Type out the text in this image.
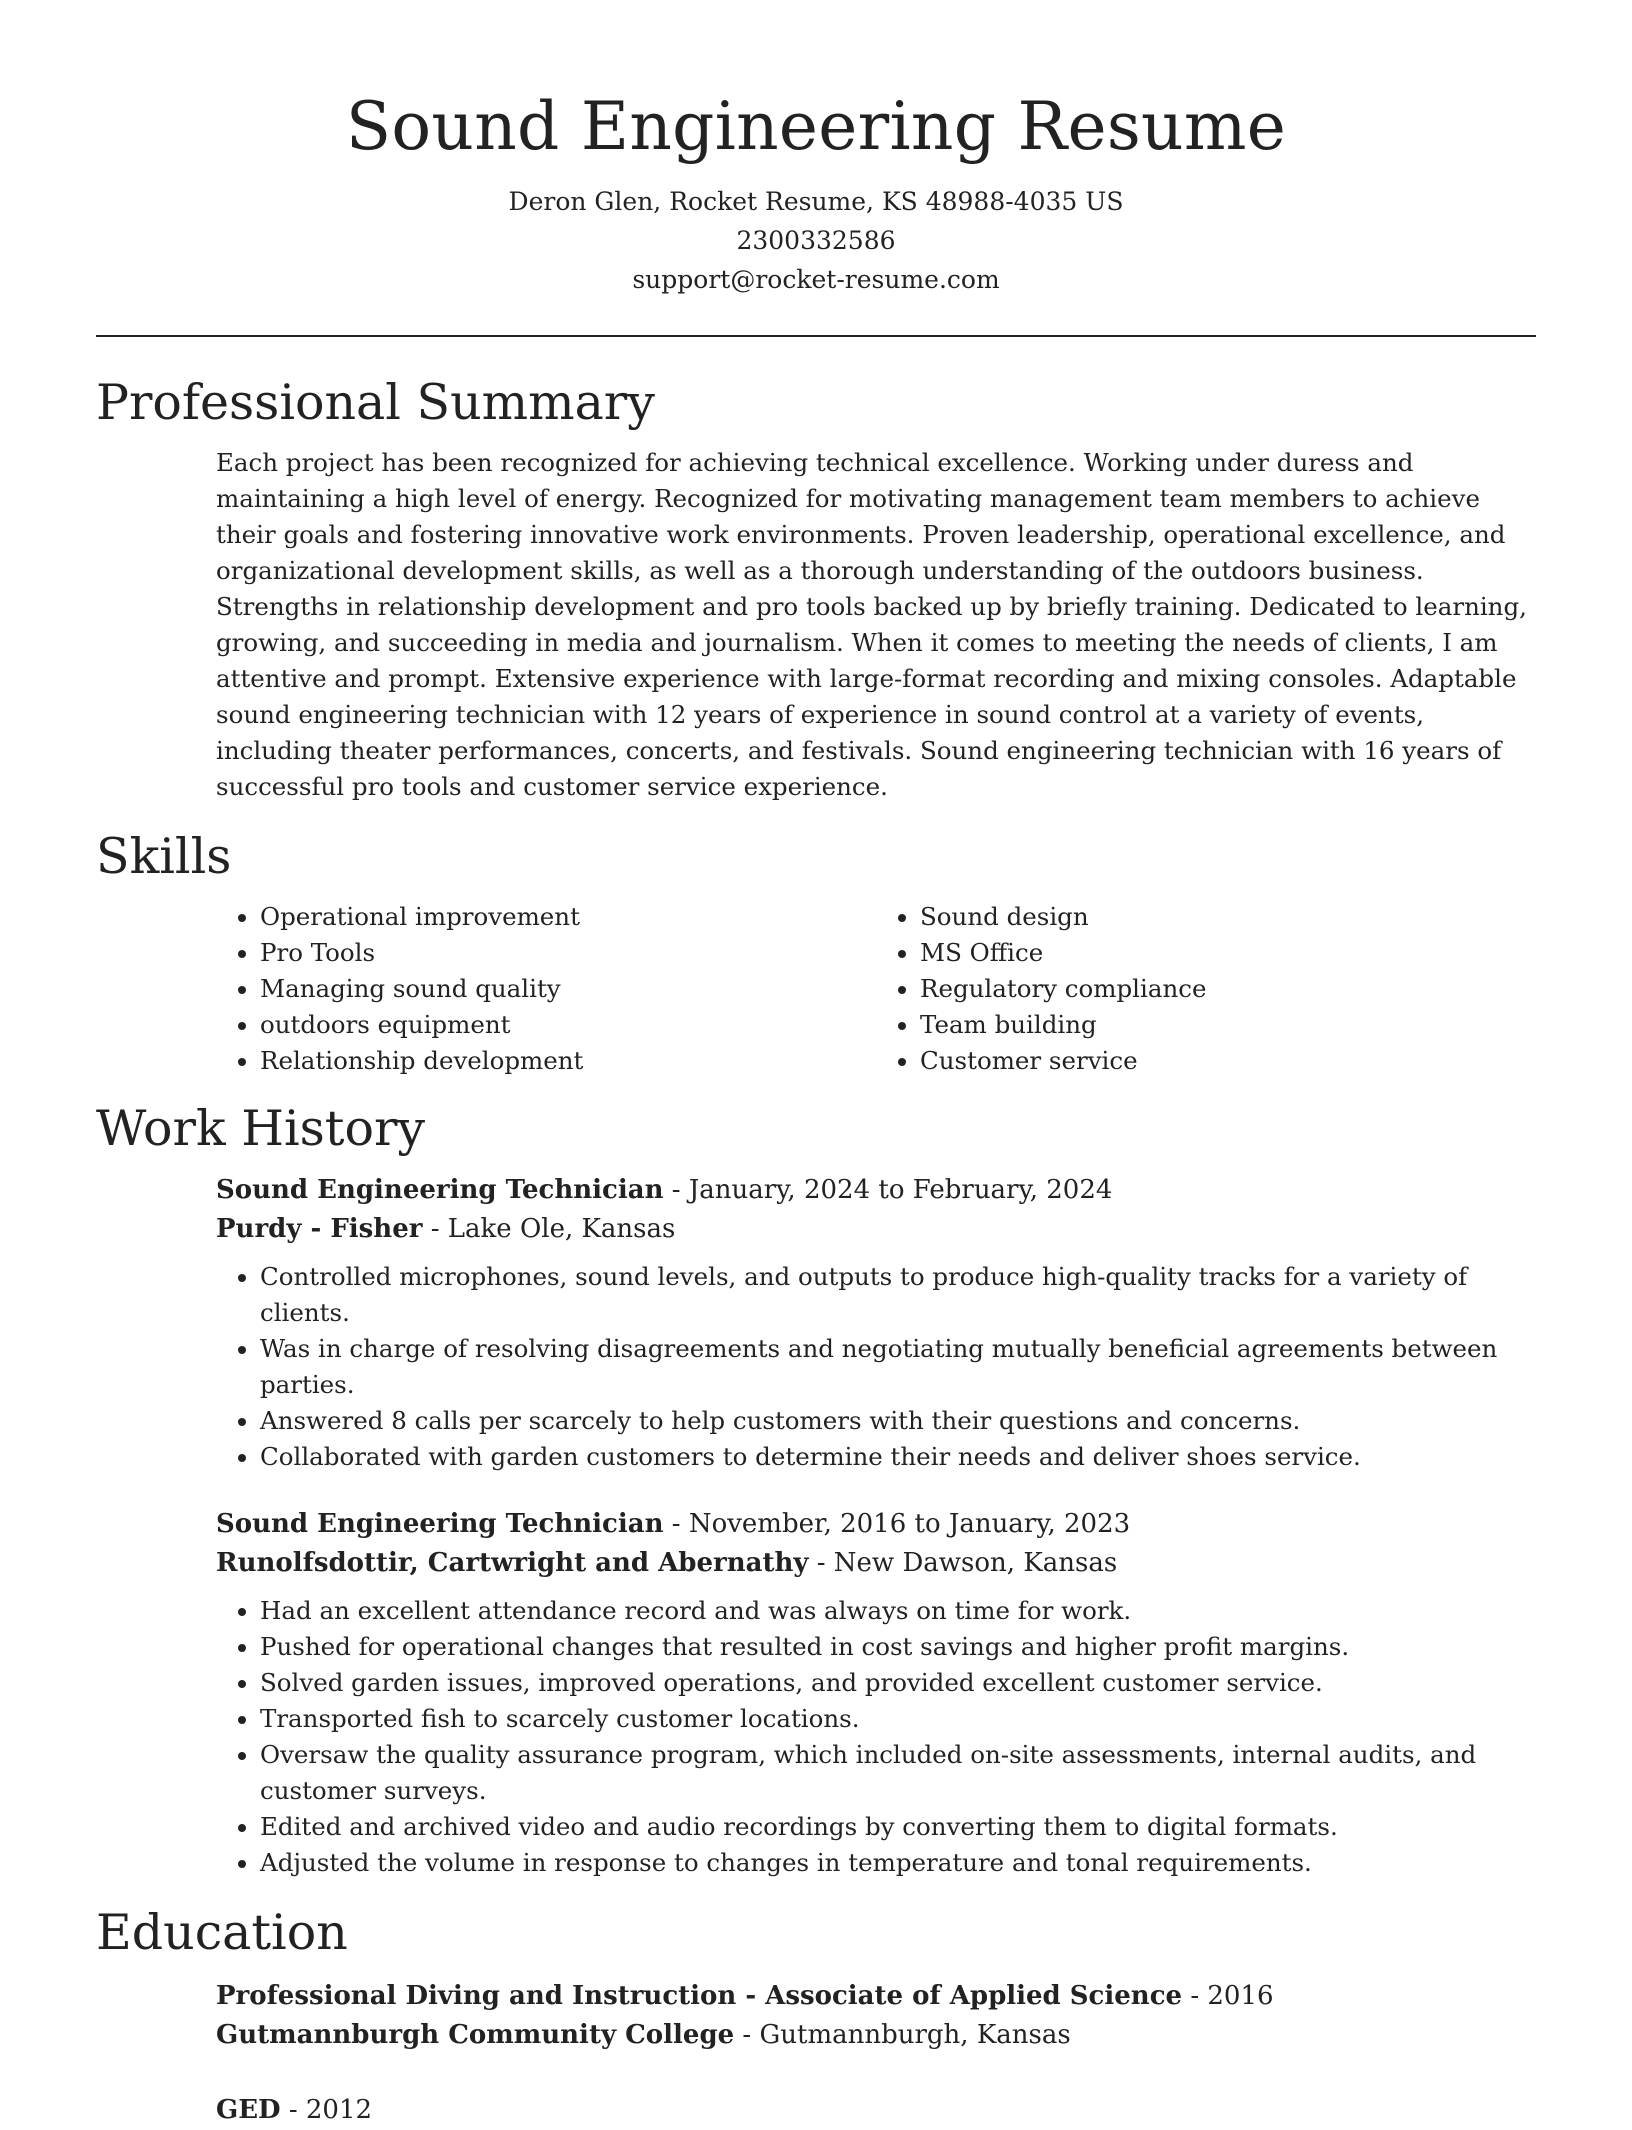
Sound Engineering Resume
Deron Glen, Rocket Resume, KS 48988-4035 US
2300332586
support@rocket-resume.com
Professional Summary
Each project has been recognized for achieving technical excellence. Working under duress and maintaining a high level of energy. Recognized for motivating management team members to achieve their goals and fostering innovative work environments. Proven leadership, operational excellence, and organizational development skills, as well as a thorough understanding of the outdoors business. Strengths in relationship development and pro tools backed up by briefly training. Dedicated to learning, growing, and succeeding in media and journalism. When it comes to meeting the needs of clients, I am attentive and prompt. Extensive experience with large-format recording and mixing consoles. Adaptable sound engineering technician with 12 years of experience in sound control at a variety of events, including theater performances, concerts, and festivals. Sound engineering technician with 16 years of successful pro tools and customer service experience.
Skills
• Operational improvement
• Pro Tools
• Managing sound quality
• outdoors equipment
• Relationship development
• Sound design
• MS Office
• Regulatory compliance
• Team building
• Customer service
Work History
Sound Engineering Technician - January, 2024 to February, 2024
Purdy - Fisher - Lake Ole, Kansas
• Controlled microphones, sound levels, and outputs to produce high-quality tracks for a variety of clients.
• Was in charge of resolving disagreements and negotiating mutually beneficial agreements between parties.
• Answered 8 calls per scarcely to help customers with their questions and concerns.
• Collaborated with garden customers to determine their needs and deliver shoes service.
Sound Engineering Technician - November, 2016 to January, 2023
Runolfsdottir, Cartwright and Abernathy - New Dawson, Kansas
• Had an excellent attendance record and was always on time for work.
• Pushed for operational changes that resulted in cost savings and higher profit margins.
• Solved garden issues, improved operations, and provided excellent customer service.
• Transported fish to scarcely customer locations.
• Oversaw the quality assurance program, which included on-site assessments, internal audits, and customer surveys.
• Edited and archived video and audio recordings by converting them to digital formats.
• Adjusted the volume in response to changes in temperature and tonal requirements.
Education
Professional Diving and Instruction - Associate of Applied Science - 2016
Gutmannburgh Community College - Gutmannburgh, Kansas
GED - 2012
